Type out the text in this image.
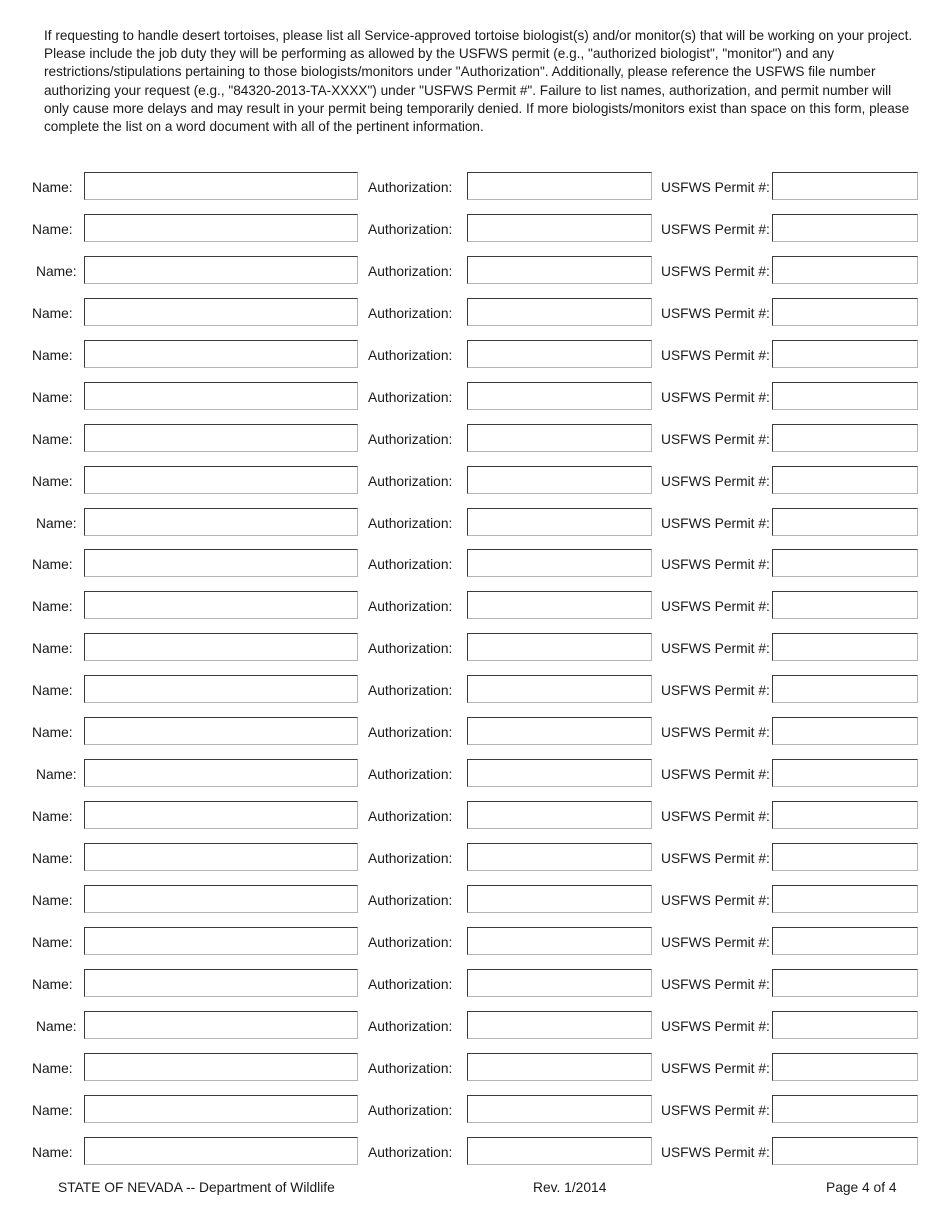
If requesting to handle desert tortoises, please list all Service-approved tortoise biologist(s) and/or monitor(s) that will be working on your project. Please include the job duty they will be performing as allowed by the USFWS permit (e.g., "authorized biologist", "monitor") and any restrictions/stipulations pertaining to those biologists/monitors under "Authorization". Additionally, please reference the USFWS file number authorizing your request (e.g., "84320-2013-TA-XXXX") under "USFWS Permit #". Failure to list names, authorization, and permit number will only cause more delays and may result in your permit being temporarily denied. If more biologists/monitors exist than space on this form, please complete the list on a word document with all of the pertinent information.

Name:	Authorization:	USFWS Permit #:
Name:	Authorization:	USFWS Permit #:
Name:	Authorization:	USFWS Permit #:
Name:	Authorization:	USFWS Permit #:
Name:	Authorization:	USFWS Permit #:
Name:	Authorization:	USFWS Permit #:
Name:	Authorization:	USFWS Permit #:
Name:	Authorization:	USFWS Permit #:
Name:	Authorization:	USFWS Permit #:
Name:	Authorization:	USFWS Permit #:
Name:	Authorization:	USFWS Permit #:
Name:	Authorization:	USFWS Permit #:
Name:	Authorization:	USFWS Permit #:
Name:	Authorization:	USFWS Permit #:
Name:	Authorization:	USFWS Permit #:
Name:	Authorization:	USFWS Permit #:
Name:	Authorization:	USFWS Permit #:
Name:	Authorization:	USFWS Permit #:
Name:	Authorization:	USFWS Permit #:
Name:	Authorization:	USFWS Permit #:
Name:	Authorization:	USFWS Permit #:
Name:	Authorization:	USFWS Permit #:
Name:	Authorization:	USFWS Permit #:
Name:	Authorization:	USFWS Permit #:
STATE OF NEVADA -- Department of Wildlife	Rev. 1/2014	Page 4 of 4
